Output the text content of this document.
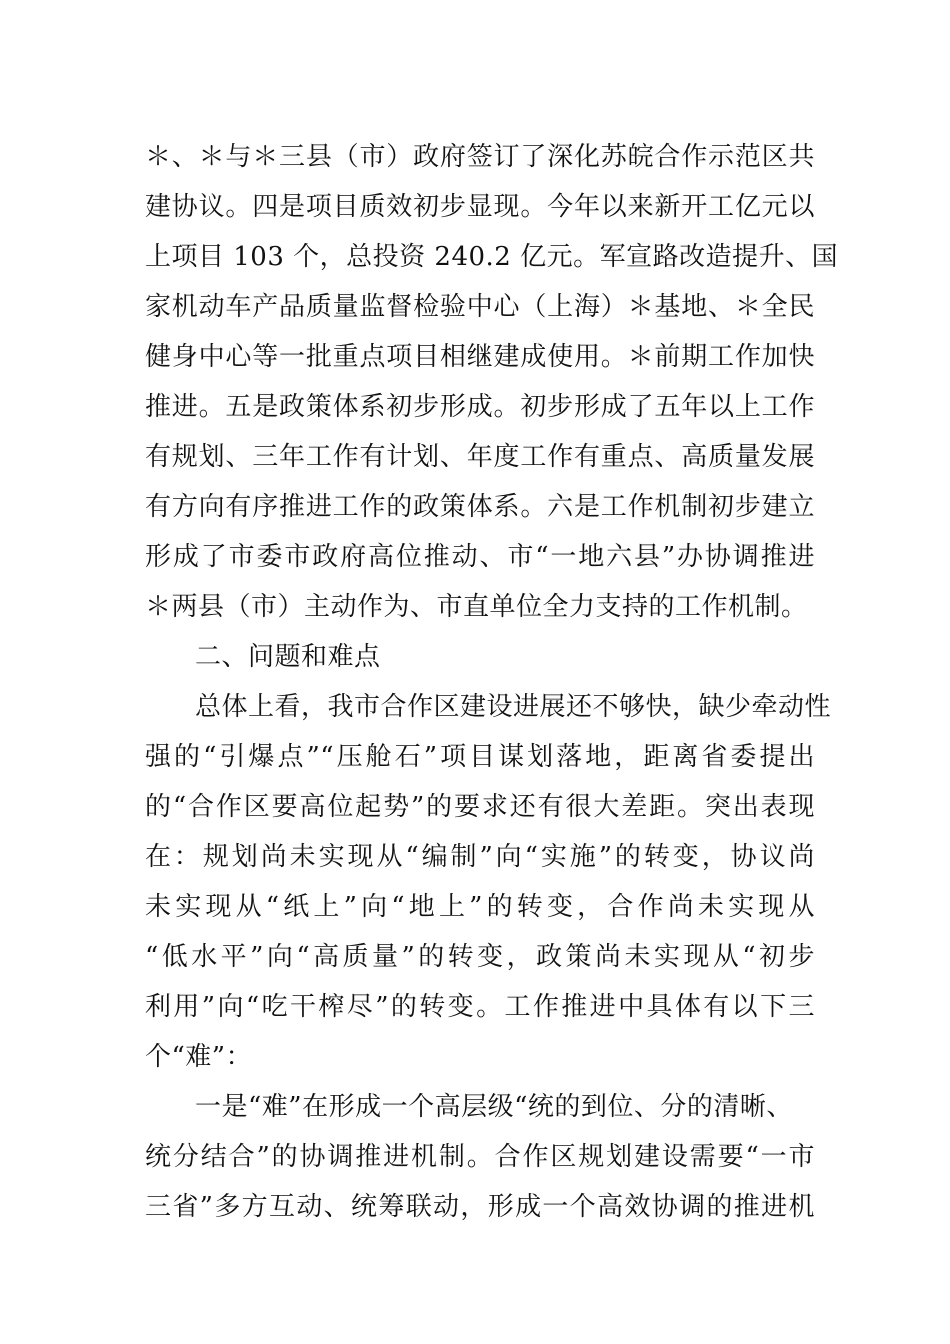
＊、＊与＊三县（市）政府签订了深化苏皖合作示范区共
建协议。四是项目质效初步显现。今年以来新开工亿元以
上项目 103 个，总投资 240.2 亿元。军宣路改造提升、国
家机动车产品质量监督检验中心（上海）＊基地、＊全民
健身中心等一批重点项目相继建成使用。＊前期工作加快
推进。五是政策体系初步形成。初步形成了五年以上工作
有规划、三年工作有计划、年度工作有重点、高质量发展
有方向有序推进工作的政策体系。六是工作机制初步建立
形成了市委市政府高位推动、市“一地六县”办协调推进
＊两县（市）主动作为、市直单位全力支持的工作机制。
二、问题和难点
总体上看，我市合作区建设进展还不够快，缺少牵动性
强的“引爆点”“压舱石”项目谋划落地，距离省委提出
的“合作区要高位起势”的要求还有很大差距。突出表现
在：规划尚未实现从“编制”向“实施”的转变，协议尚
未实现从“纸上”向“地上”的转变，合作尚未实现从
“低水平”向“高质量”的转变，政策尚未实现从“初步
利用”向“吃干榨尽”的转变。工作推进中具体有以下三
个“难”：
一是“难”在形成一个高层级“统的到位、分的清晰、
统分结合”的协调推进机制。合作区规划建设需要“一市
三省”多方互动、统筹联动，形成一个高效协调的推进机
